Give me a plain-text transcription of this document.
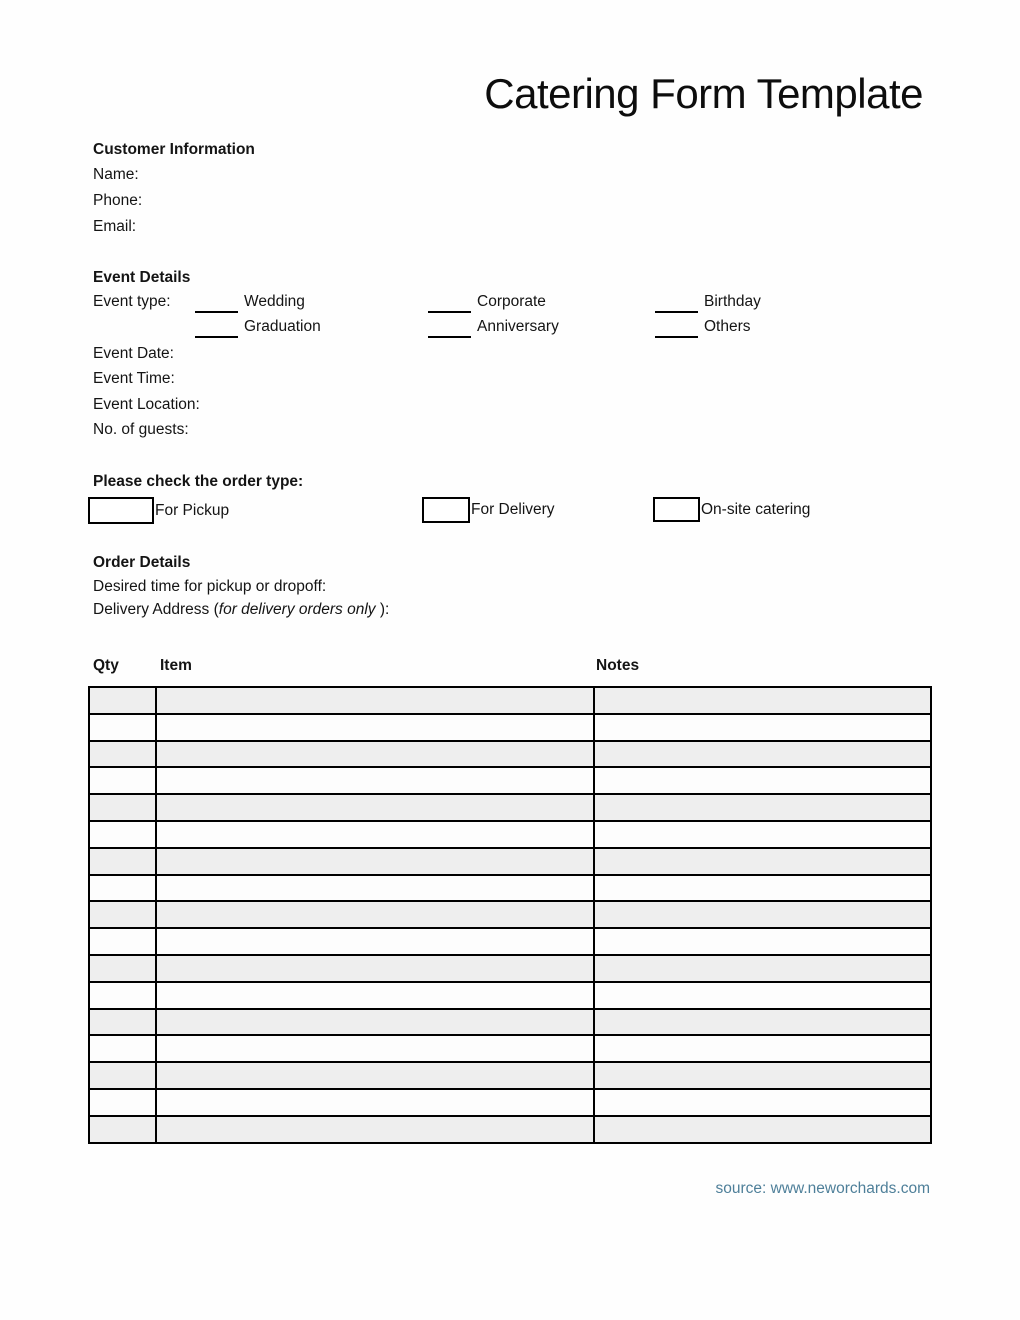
Catering Form Template
Customer Information
Name:
Phone:
Email:
Event Details
Event type:	Wedding	Corporate	Birthday
Graduation	Anniversary	Others
Event Date:
Event Time:
Event Location:
No. of guests:
Please check the order type:
For Pickup	For Delivery	On-site catering
Order Details
Desired time for pickup or dropoff:
Delivery Address (for delivery orders only ):
Qty	Item	Notes

source: www.neworchards.com
